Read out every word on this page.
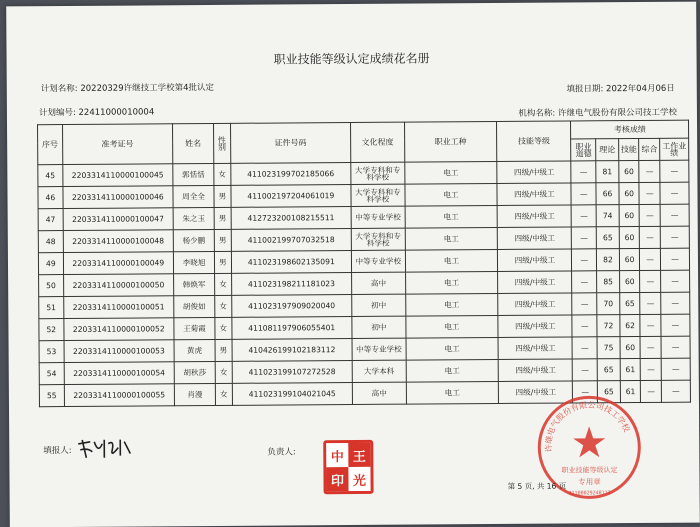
职业技能等级认定成绩花名册
计划名称: 20220329许继技工学校第4批认定	填报日期: 2022年04月06日
计划编号: 22411000010004	机构名称: 许继电气股份有限公司技工学校
序号	准考证号	姓名	性别	证件号码	文化程度	职业工种	技能等级	考核成绩				
								职业道德	理论	技能	综合	工作业绩
45	2203314110000100045	郭恬恬	女	411023199702185066	大学专科和专科学校	电工	四级/中级工	—	81	60	—	—
46	2203314110000100046	周全全	男	411002197204061019	大学专科和专科学校	电工	四级/中级工	—	66	60	—	—
47	2203314110000100047	朱之玉	男	412723200108215511	中等专业学校	电工	四级/中级工	—	74	60	—	—
48	2203314110000100048	杨少鹏	男	411002199707032518	大学专科和专科学校	电工	四级/中级工	—	65	60	—	—
49	2203314110000100049	李晓旭	男	411023198602135091	中等专业学校	电工	四级/中级工	—	82	60	—	—
50	2203314110000100050	韩焕军	女	411023198211181023	高中	电工	四级/中级工	—	85	60	—	—
51	2203314110000100051	胡俊如	女	411023197909020040	初中	电工	四级/中级工	—	70	65	—	—
52	2203314110000100052	王菊霞	女	411081197906055401	初中	电工	四级/中级工	—	72	62	—	—
53	2203314110000100053	黄虎	男	410426199102183112	中等专业学校	电工	四级/中级工	—	75	60	—	—
54	2203314110000100054	胡秋莎	女	411023199107272528	大学本科	电工	四级/中级工	—	65	61	—	—
55	2203314110000100055	肖漫	女	411023199104021045	高中	电工	四级/中级工	—	65	61	—	—
填报人:	负责人:	中 王
印 光
许继电气股份有限公司技工学校
职业技能等级认定
专用章
41100029248113
第 5 页, 共 16 页
